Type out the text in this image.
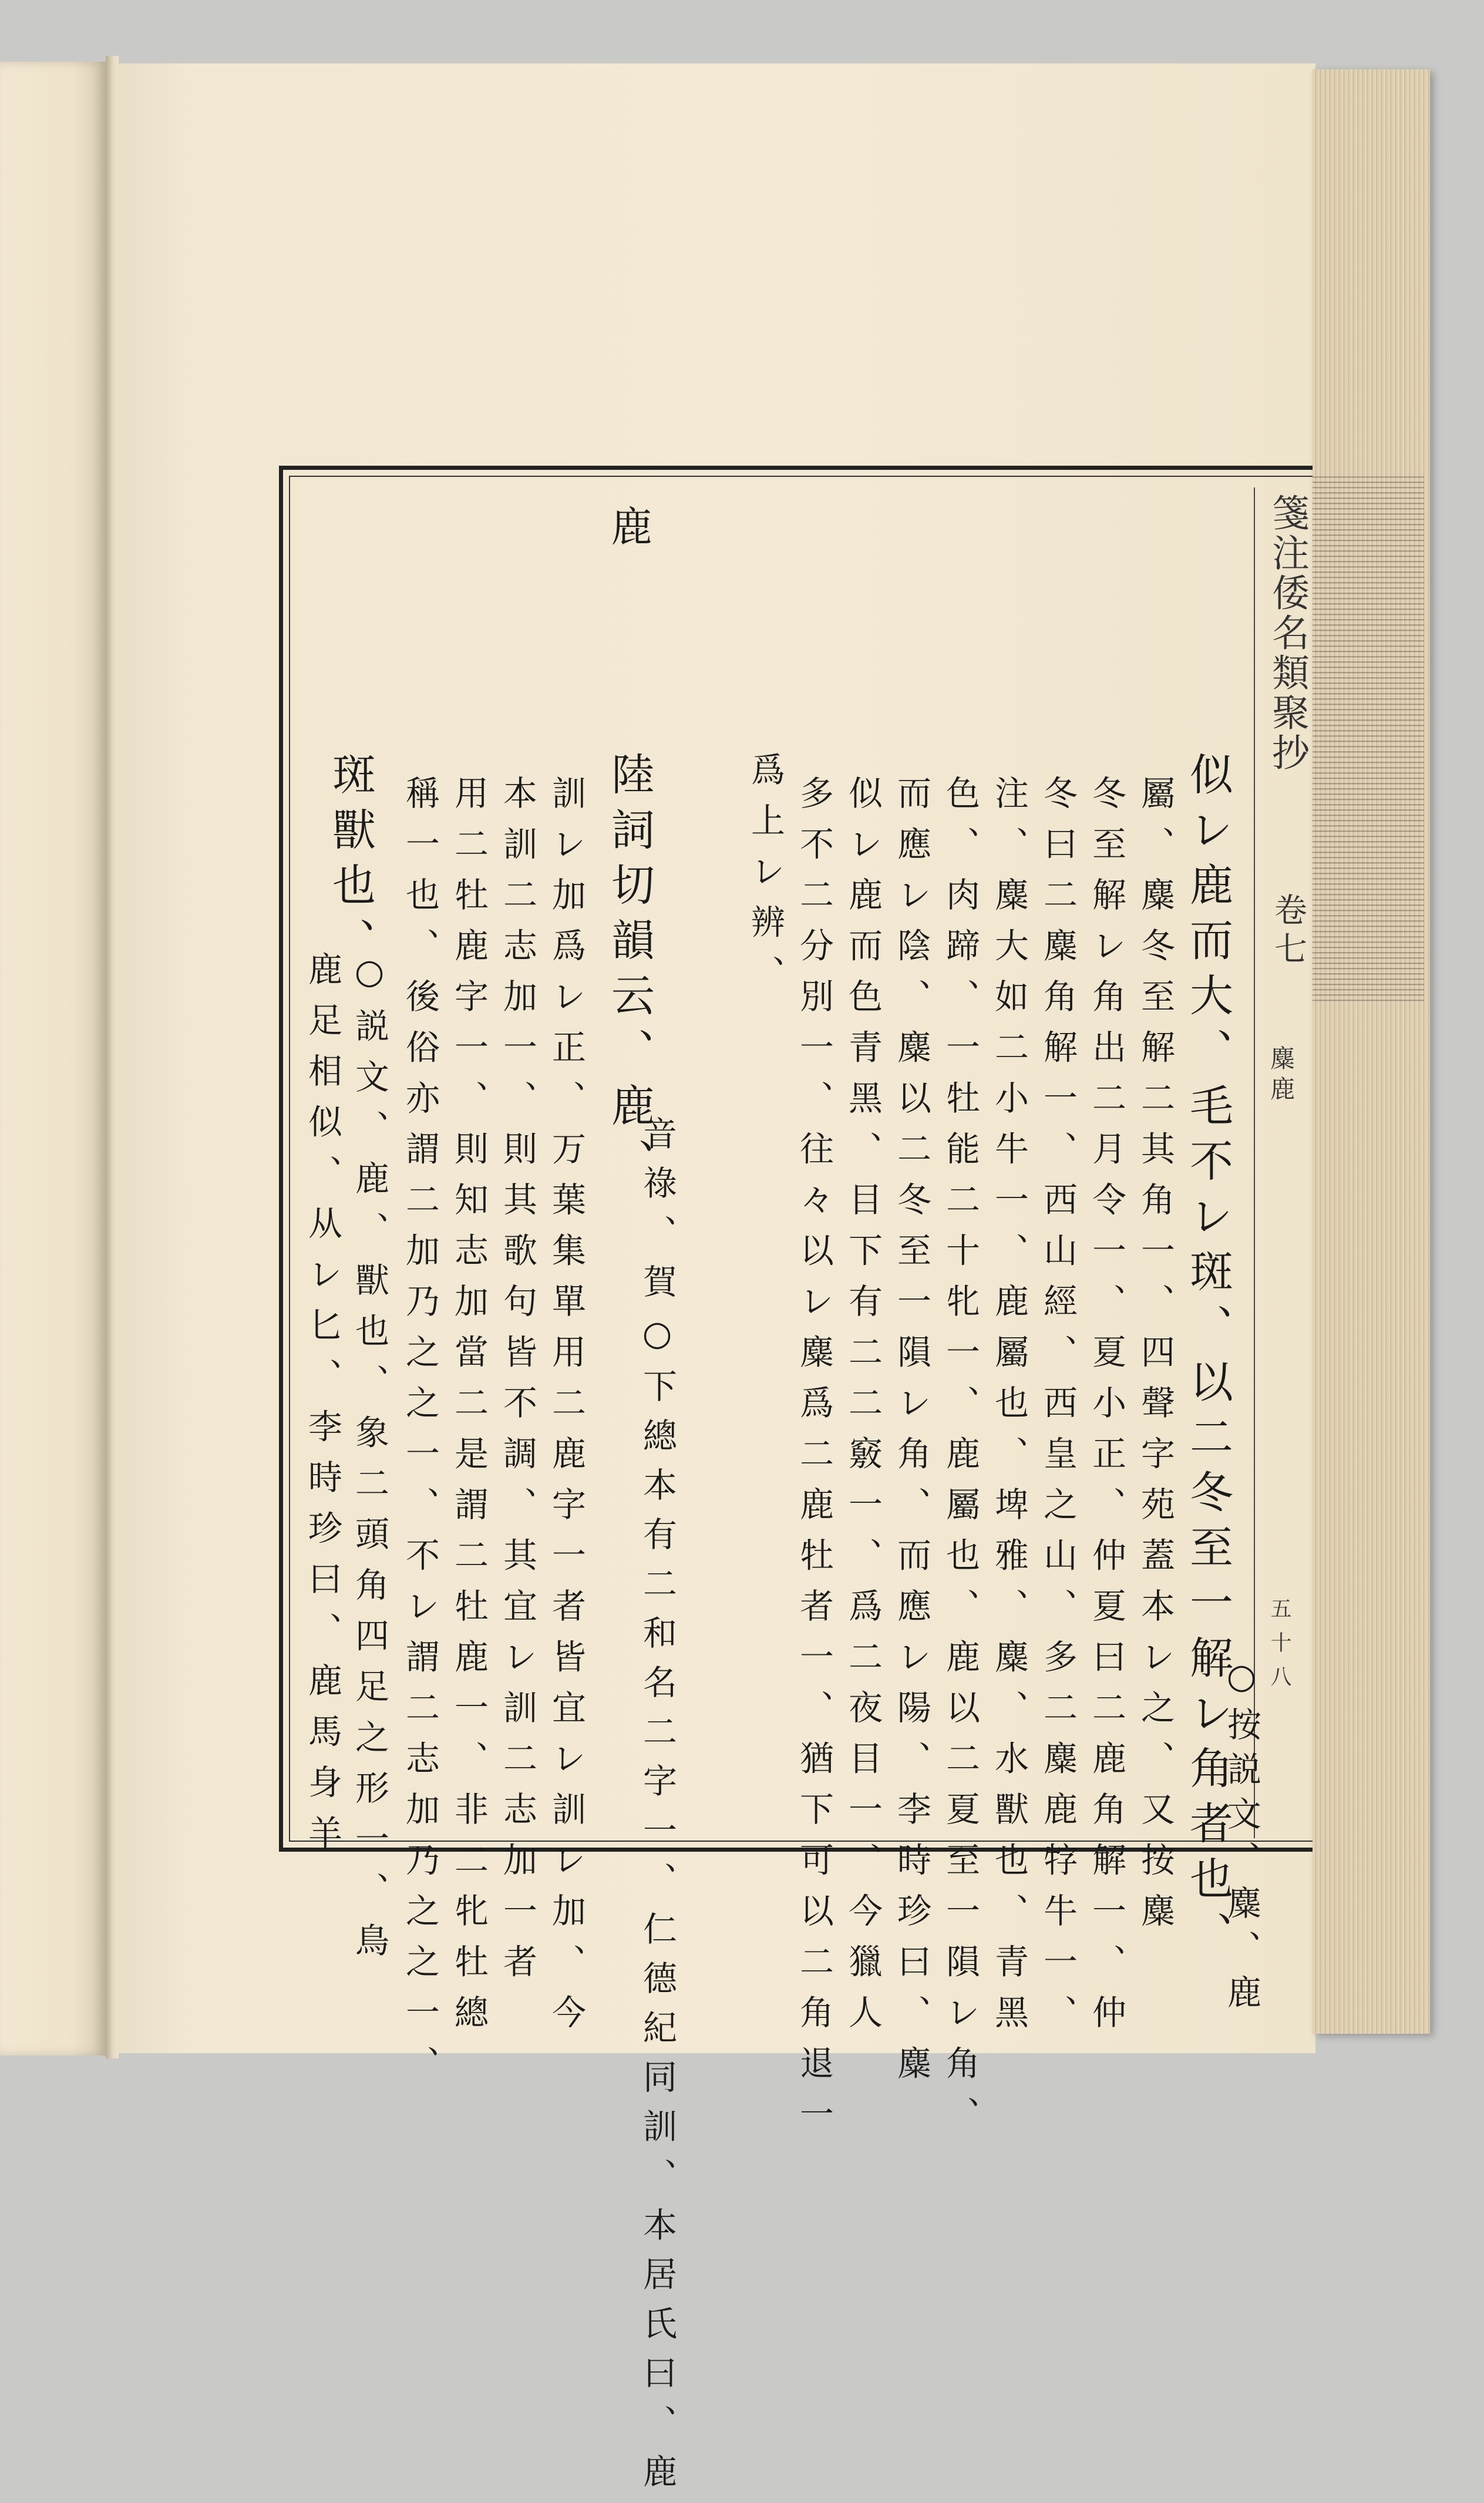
箋注倭名類聚抄
卷七
麋鹿
五十八
鹿
似レ鹿而大、毛不レ斑、以二冬至一解レ角者也、
○按説文、麋、鹿
屬、麋冬至解二其角一、四聲字苑蓋本レ之、又按麋
冬至解レ角出二月令一、夏小正、仲夏曰二鹿角解一、仲
冬曰二麋角解一、西山經、西皇之山、多二麋鹿牸牛一、
注、麋大如二小牛一、鹿屬也、埤雅、麋、水獸也、青黑
色、肉蹄、一牡能二十牝一、鹿屬也、鹿以二夏至一隕レ角、
而應レ陰、麋以二冬至一隕レ角、而應レ陽、李時珍曰、麋
似レ鹿而色青黑、目下有二二竅一、爲二夜目一、今獵人
多不二分別一、往々以レ麋爲二鹿牡者一、猶下可以二角退一
爲上レ辨、
陸詞切韻云、鹿、
音祿、賀○下總本有二和名二字一、仁德紀同訓、本居氏曰、鹿
訓レ加爲レ正、万葉集單用二鹿字一者皆宜レ訓レ加、今
本訓二志加一、則其歌句皆不調、其宜レ訓二志加一者
用二牡鹿字一、則知志加當二是謂二牡鹿一、非二牝牡總
稱一也、後俗亦謂二加乃之之一、不レ謂二志加乃之之一、
斑獸也、
○説文、鹿、獸也、象二頭角四足之形一、鳥
鹿足相似、从レ匕、李時珍曰、鹿馬身羊
